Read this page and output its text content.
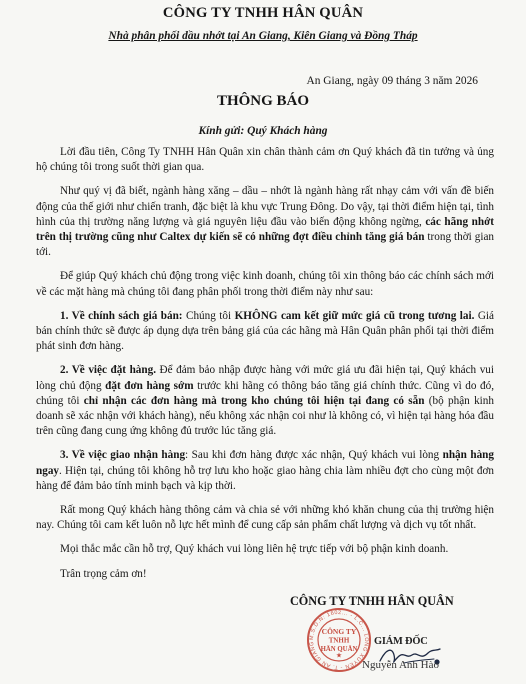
CÔNG TY TNHH HÂN QUÂN
Nhà phân phối dầu nhớt tại An Giang, Kiên Giang và Đồng Tháp
An Giang, ngày 09 tháng 3 năm 2026
THÔNG BÁO
Kính gửi: Quý Khách hàng

Lời đầu tiên, Công Ty TNHH Hân Quân xin chân thành cảm ơn Quý khách đã tin tưởng và ủng hộ chúng tôi trong suốt thời gian qua.

Như quý vị đã biết, ngành hàng xăng – dầu – nhớt là ngành hàng rất nhạy cảm với vấn đề biến động của thế giới như chiến tranh, đặc biệt là khu vực Trung Đông. Do vậy, tại thời điểm hiện tại, tình hình của thị trường năng lượng và giá nguyên liệu đầu vào biến động không ngừng, các hãng nhớt trên thị trường cũng như Caltex dự kiến sẽ có những đợt điều chỉnh tăng giá bán trong thời gian tới.

Để giúp Quý khách chủ động trong việc kinh doanh, chúng tôi xin thông báo các chính sách mới về các mặt hàng mà chúng tôi đang phân phối trong thời điểm này như sau:

1. Về chính sách giá bán: Chúng tôi KHÔNG cam kết giữ mức giá cũ trong tương lai. Giá bán chính thức sẽ được áp dụng dựa trên bảng giá của các hãng mà Hân Quân phân phối tại thời điểm phát sinh đơn hàng.

2. Về việc đặt hàng. Để đảm bảo nhập được hàng với mức giá ưu đãi hiện tại, Quý khách vui lòng chủ động đặt đơn hàng sớm trước khi hãng có thông báo tăng giá chính thức. Cũng vì do đó, chúng tôi chỉ nhận các đơn hàng mà trong kho chúng tôi hiện tại đang có sẵn (bộ phận kinh doanh sẽ xác nhận với khách hàng), nếu không xác nhận coi như là không có, vì hiện tại hàng hóa đầu trên cũng đang cung ứng không đủ trước lúc tăng giá.

3. Về việc giao nhận hàng: Sau khi đơn hàng được xác nhận, Quý khách vui lòng nhận hàng ngay. Hiện tại, chúng tôi không hỗ trợ lưu kho hoặc giao hàng chia làm nhiều đợt cho cùng một đơn hàng để đảm bảo tính minh bạch và kịp thời.

Rất mong Quý khách hàng thông cảm và chia sẻ với những khó khăn chung của thị trường hiện nay. Chúng tôi cam kết luôn nỗ lực hết mình để cung cấp sản phẩm chất lượng và dịch vụ tốt nhất.

Mọi thắc mắc cần hỗ trợ, Quý khách vui lòng liên hệ trực tiếp với bộ phận kinh doanh.

Trân trọng cảm ơn!

CÔNG TY TNHH HÂN QUÂN
M.S.D.N: 1602... - L.C... LONG XUYÊN - T. AN GIANG
CÔNG TY
TNHH
HÂN QUÂN
★
GIÁM ĐỐC
Nguyễn Anh Hào
